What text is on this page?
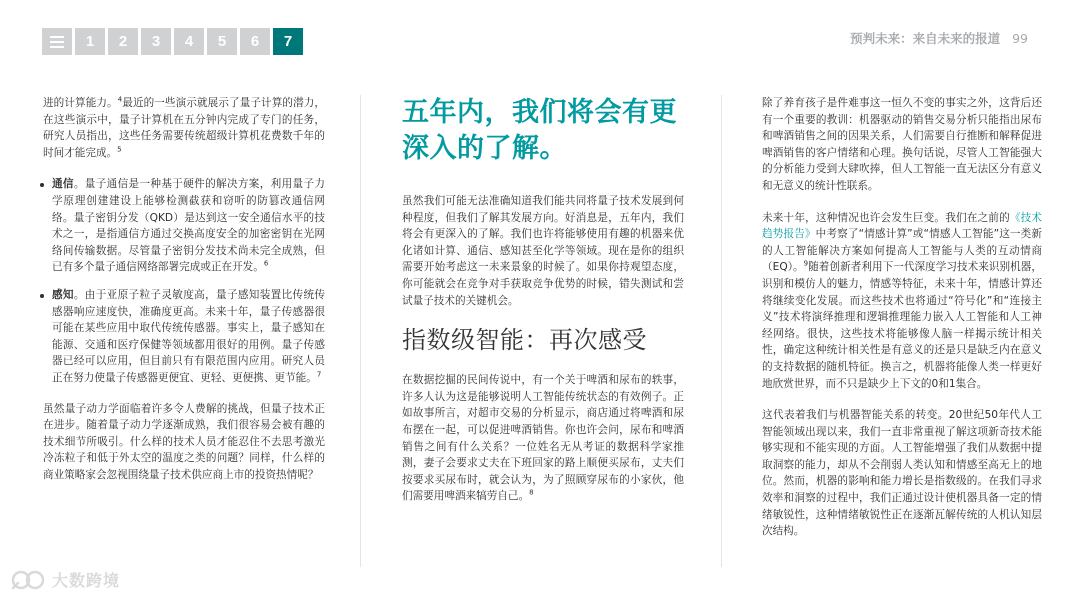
1	2	3	4	5	6	7	预判未来：来自未来的报道 99

进的计算能力。$^4$最近的一些演示就展示了量子计算的潜力，在这些演示中，量子计算机在五分钟内完成了专门的任务，研究人员指出，这些任务需要传统超级计算机花费数千年的时间才能完成。$^5$

通信。量子通信是一种基于硬件的解决方案，利用量子力学原理创建建设上能够检测截获和窃听的防篡改通信网络。量子密钥分发（QKD）是达到这一安全通信水平的技术之一，是指通信方通过交换高度安全的加密密钥在光网络间传输数据。尽管量子密钥分发技术尚未完全成熟，但已有多个量子通信网络部署完成或正在开发。$^6$
感知。由于亚原子粒子灵敏度高，量子感知装置比传统传感器响应速度快，准确度更高。未来十年，量子传感器很可能在某些应用中取代传统传感器。事实上，量子感知在能源、交通和医疗保健等领域都用很好的用例。量子传感器已经可以应用，但目前只有有限范围内应用。研究人员正在努力使量子传感器更便宜、更轻、更便携、更节能。$^7$

虽然量子动力学面临着许多令人费解的挑战，但量子技术正在进步。随着量子动力学逐渐成熟，我们很容易会被有趣的技术细节所吸引。什么样的技术人员才能忍住不去思考激光冷冻粒子和低于外太空的温度之类的问题？同样，什么样的商业策略家会忽视围绕量子技术供应商上市的投资热情呢？

五年内，我们将会有更深入的了解。

虽然我们可能无法准确知道我们能共同将量子技术发展到何种程度，但我们了解其发展方向。好消息是，五年内，我们将会有更深入的了解。我们也许将能够使用有趣的机器来优化诸如计算、通信、感知甚至化学等领域。现在是你的组织需要开始考虑这一未来景象的时候了。如果你持观望态度，你可能就会在竞争对手获取竞争优势的时候，错失测试和尝试量子技术的关键机会。

指数级智能：再次感受

在数据挖掘的民间传说中，有一个关于啤酒和尿布的轶事，许多人认为这是能够说明人工智能传统状态的有效例子。正如故事所言，对超市交易的分析显示，商店通过将啤酒和尿布摆在一起，可以促进啤酒销售。你也许会问，尿布和啤酒销售之间有什么关系？一位姓名无从考证的数据科学家推测，妻子会要求丈夫在下班回家的路上顺便买尿布，丈夫们按要求买尿布时，就会认为，为了照顾穿尿布的小家伙，他们需要用啤酒来犒劳自己。$^8$

除了养育孩子是件难事这一恒久不变的事实之外，这背后还有一个重要的教训：机器驱动的销售交易分析只能指出尿布和啤酒销售之间的因果关系，人们需要自行推断和解释促进啤酒销售的客户情绪和心理。换句话说，尽管人工智能强大的分析能力受到大肆吹捧，但人工智能一直无法区分有意义和无意义的统计性联系。

未来十年，这种情况也许会发生巨变。我们在之前的《技术趋势报告》中考察了“情感计算”或“情感人工智能”这一类新的人工智能解决方案如何提高人工智能与人类的互动情商（EQ）。$^9$随着创新者利用下一代深度学习技术来识别机器，识别和模仿人的魅力，情感等特征，未来十年，情感计算还将继续变化发展。而这些技术也将通过“符号化”和“连接主义”技术将演绎推理和逻辑推理能力嵌入人工智能和人工神经网络。很快，这些技术将能够像人脑一样揭示统计相关性，确定这种统计相关性是有意义的还是只是缺乏内在意义的支持数据的随机特征。换言之，机器将能像人类一样更好地欣赏世界，而不只是缺少上下文的0和1集合。

这代表着我们与机器智能关系的转变。20世纪50年代人工智能领域出现以来，我们一直非常重视了解这项新奇技术能够实现和不能实现的方面。人工智能增强了我们从数据中提取洞察的能力，却从不会削弱人类认知和情感至高无上的地位。然而，机器的影响和能力增长是指数级的。在我们寻求效率和洞察的过程中，我们正通过设计使机器具备一定的情绪敏锐性，这种情绪敏锐性正在逐渐瓦解传统的人机认知层次结构。

大数跨境
